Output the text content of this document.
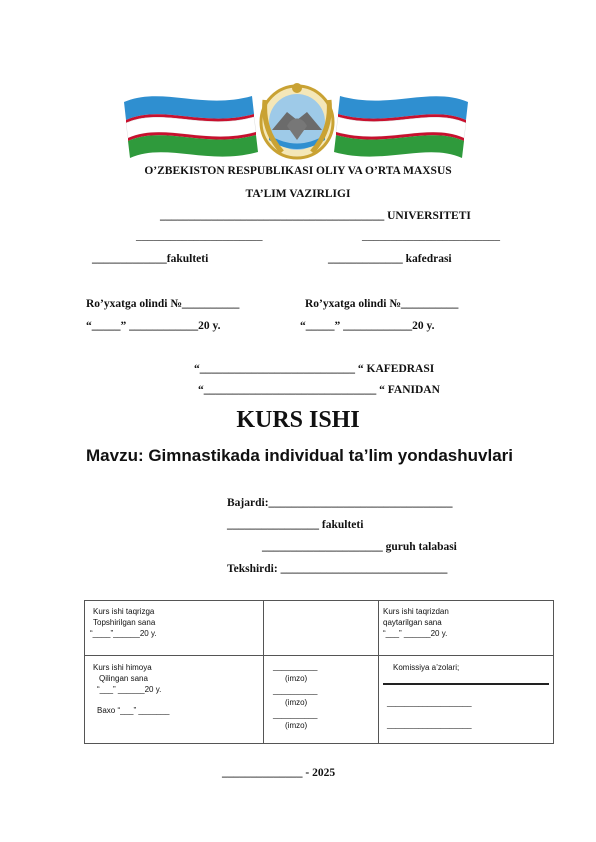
O’ZBEKISTON RESPUBLIKASI OLIY VA O’RTA MAXSUS
TA’LIM VAZIRLIGI
_______________________________________ UNIVERSITETI
______________________	________________________
_____________fakulteti	_____________ kafedrasi
Ro’yxatga olindi №__________
“_____” ____________20 y.
Ro’yxatga olindi №__________
“_____” ____________20 y.
“___________________________ “ KAFEDRASI
“______________________________ “ FANIDAN
KURS ISHI
Mavzu: Gimnastikada individual ta’lim yondashuvlari
Bajardi:________________________________
________________ fakulteti
_____________________ guruh talabasi
Tekshirdi: _____________________________
Kurs ishi taqrizga
Topshirilgan sana
“____”______20 y.
Kurs ishi taqrizdan
qaytarilgan sana
“___” ______20 y.
Kurs ishi himoya
Qilingan sana
“___” ______20 y.
Baxo “___” _______
__________
(imzo)
__________
(imzo)
__________
(imzo)
Komissiya a’zolari;
___________________
___________________
______________ - 2025
